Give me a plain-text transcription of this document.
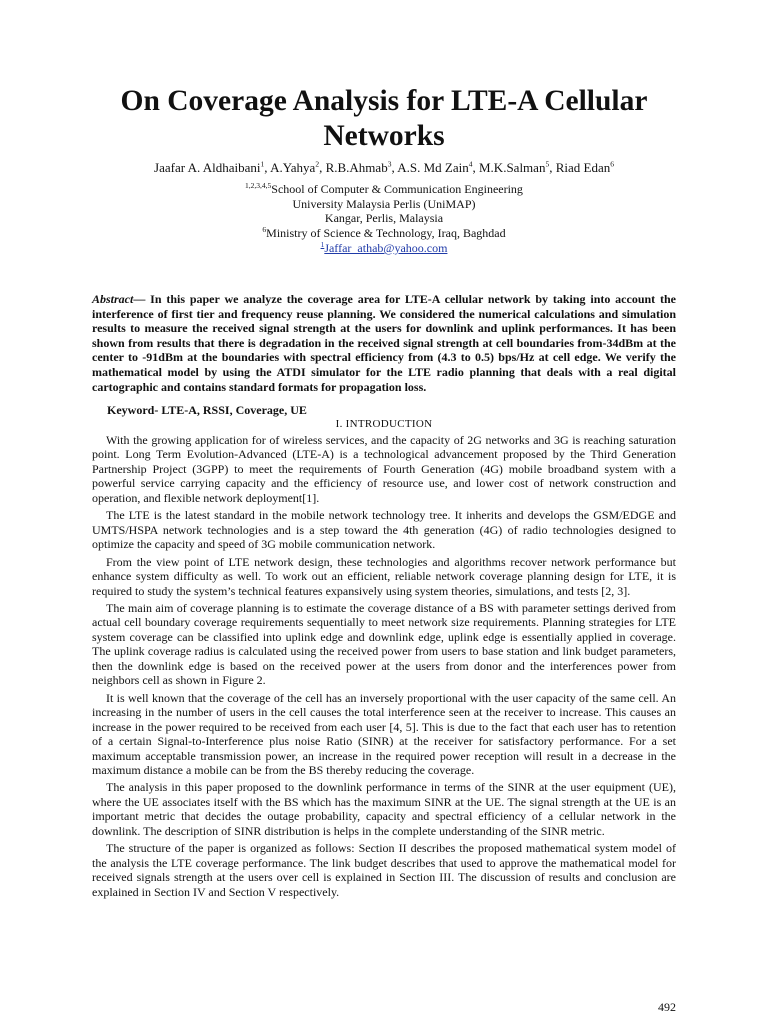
On Coverage Analysis for LTE-A Cellular Networks

Jaafar A. Aldhaibani$^1$, A.Yahya$^2$, R.B.Ahmab$^3$, A.S. Md Zain$^4$, M.K.Salman$^5$, Riad Edan$^6$

$^{1,2,3,4,5}$School of Computer & Communication Engineering
University Malaysia Perlis (UniMAP)
Kangar, Perlis, Malaysia
$^6$Ministry of Science & Technology, Iraq, Baghdad
$^1$Jaffar_athab@yahoo.com

Abstract— In this paper we analyze the coverage area for LTE-A cellular network by taking into account the interference of first tier and frequency reuse planning. We considered the numerical calculations and simulation results to measure the received signal strength at the users for downlink and uplink performances. It has been shown from results that there is degradation in the received signal strength at cell boundaries from-34dBm at the center to -91dBm at the boundaries with spectral efficiency from (4.3 to 0.5) bps/Hz at cell edge. We verify the mathematical model by using the ATDI simulator for the LTE radio planning that deals with a real digital cartographic and contains standard formats for propagation loss.

Keyword- LTE-A, RSSI, Coverage, UE

I. INTRODUCTION

With the growing application for of wireless services, and the capacity of 2G networks and 3G is reaching saturation point. Long Term Evolution-Advanced (LTE-A) is a technological advancement proposed by the Third Generation Partnership Project (3GPP) to meet the requirements of Fourth Generation (4G) mobile broadband system with a powerful service carrying capacity and the efficiency of resource use, and lower cost of network construction and operation, and flexible network deployment[1].

The LTE is the latest standard in the mobile network technology tree. It inherits and develops the GSM/EDGE and UMTS/HSPA network technologies and is a step toward the 4th generation (4G) of radio technologies designed to optimize the capacity and speed of 3G mobile communication network.

From the view point of LTE network design, these technologies and algorithms recover network performance but enhance system difficulty as well. To work out an efficient, reliable network coverage planning design for LTE, it is required to study the system’s technical features expansively using system theories, simulations, and tests [2, 3].

The main aim of coverage planning is to estimate the coverage distance of a BS with parameter settings derived from actual cell boundary coverage requirements sequentially to meet network size requirements. Planning strategies for LTE system coverage can be classified into uplink edge and downlink edge, uplink edge is essentially applied in coverage. The uplink coverage radius is calculated using the received power from users to base station and link budget parameters, then the downlink edge is based on the received power at the users from donor and the interferences power from neighbors cell as shown in Figure 2.

It is well known that the coverage of the cell has an inversely proportional with the user capacity of the same cell. An increasing in the number of users in the cell causes the total interference seen at the receiver to increase. This causes an increase in the power required to be received from each user [4, 5]. This is due to the fact that each user has to retention of a certain Signal-to-Interference plus noise Ratio (SINR) at the receiver for satisfactory performance. For a set maximum acceptable transmission power, an increase in the required power reception will result in a decrease in the maximum distance a mobile can be from the BS thereby reducing the coverage.

The analysis in this paper proposed to the downlink performance in terms of the SINR at the user equipment (UE), where the UE associates itself with the BS which has the maximum SINR at the UE. The signal strength at the UE is an important metric that decides the outage probability, capacity and spectral efficiency of a cellular network in the downlink. The description of SINR distribution is helps in the complete understanding of the SINR metric.

The structure of the paper is organized as follows: Section II describes the proposed mathematical system model of the analysis the LTE coverage performance. The link budget describes that used to approve the mathematical model for received signals strength at the users over cell is explained in Section III. The discussion of results and conclusion are explained in Section IV and Section V respectively.

492
